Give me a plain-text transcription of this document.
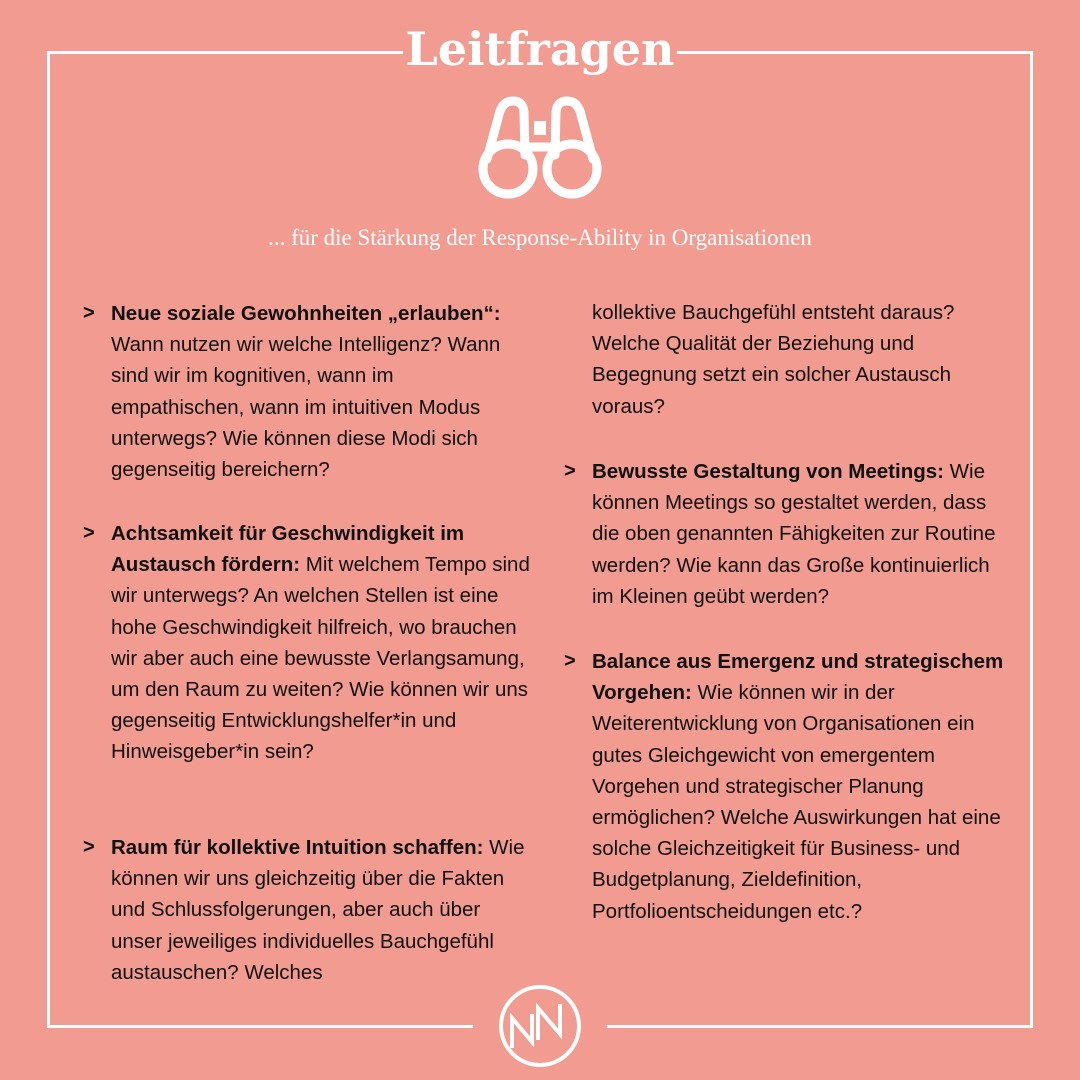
Leitfragen
... für die Stärkung der Response-Ability in Organisationen
> Neue soziale Gewohnheiten „erlauben“: Wann nutzen wir welche Intelligenz? Wann sind wir im kognitiven, wann im empathischen, wann im intuitiven Modus unterwegs? Wie können diese Modi sich gegenseitig bereichern?

> Achtsamkeit für Geschwindigkeit im Austausch fördern: Mit welchem Tempo sind wir unterwegs? An welchen Stellen ist eine hohe Geschwindigkeit hilfreich, wo brauchen wir aber auch eine bewusste Verlangsamung, um den Raum zu weiten? Wie können wir uns gegenseitig Entwicklungshelfer*in und Hinweisgeber*in sein?

> Raum für kollektive Intuition schaffen: Wie können wir uns gleichzeitig über die Fakten und Schlussfolgerungen, aber auch über unser jeweiliges individuelles Bauchgefühl austauschen? Welches

kollektive Bauchgefühl entsteht daraus? Welche Qualität der Beziehung und Begegnung setzt ein solcher Austausch voraus?

> Bewusste Gestaltung von Meetings: Wie können Meetings so gestaltet werden, dass die oben genannten Fähigkeiten zur Routine werden? Wie kann das Große kontinuierlich im Kleinen geübt werden?

> Balance aus Emergenz und strategischem Vorgehen: Wie können wir in der Weiterentwicklung von Organisationen ein gutes Gleichgewicht von emergentem Vorgehen und strategischer Planung ermöglichen? Welche Auswirkungen hat eine solche Gleichzeitigkeit für Business- und Budgetplanung, Zieldefinition, Portfolioentscheidungen etc.?
